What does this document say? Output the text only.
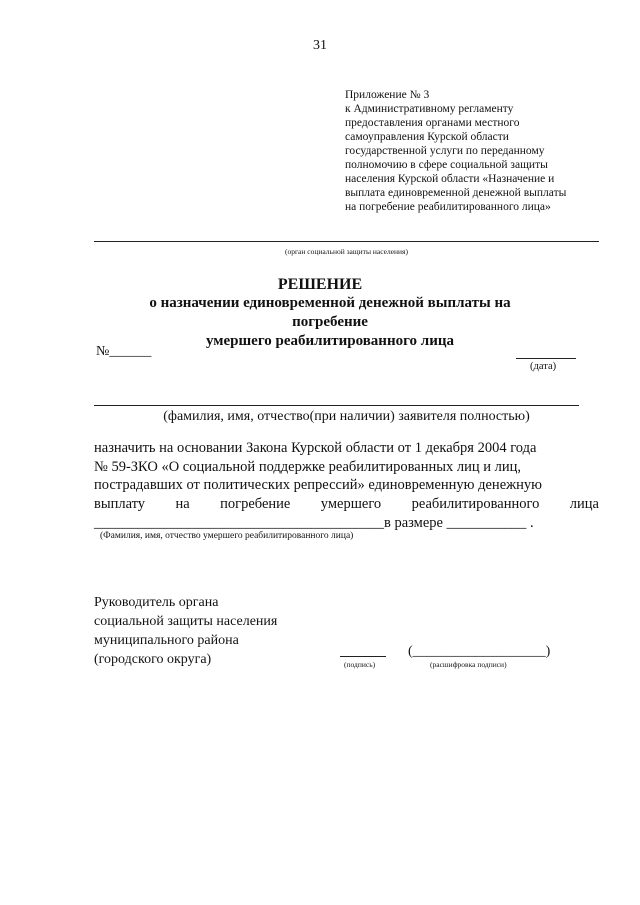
31
Приложение № 3
к Административному регламенту
предоставления органами местного
самоуправления Курской области
государственной услуги по переданному
полномочию в сфере социальной защиты
населения Курской области «Назначение и
выплата единовременной денежной выплаты
на погребение реабилитированного лица»
(орган социальной защиты населения)
РЕШЕНИЕ
о назначении единовременной денежной выплаты на погребение
умершего реабилитированного лица
№______
(дата)
(фамилия, имя, отчество(при наличии) заявителя полностью)
назначить на основании Закона Курской области от 1 декабря 2004 года
№ 59-ЗКО «О социальной поддержке реабилитированных лиц и лиц,
пострадавших от политических репрессий» единовременную денежную
выплату на погребение умершего реабилитированного лица
________________________________________в размере ___________ .
(Фамилия, имя, отчество умершего реабилитированного лица)
Руководитель органа
социальной защиты населения
муниципального района
(городского округа)	(подпись)
(___________________)
(расшифровка подписи)
